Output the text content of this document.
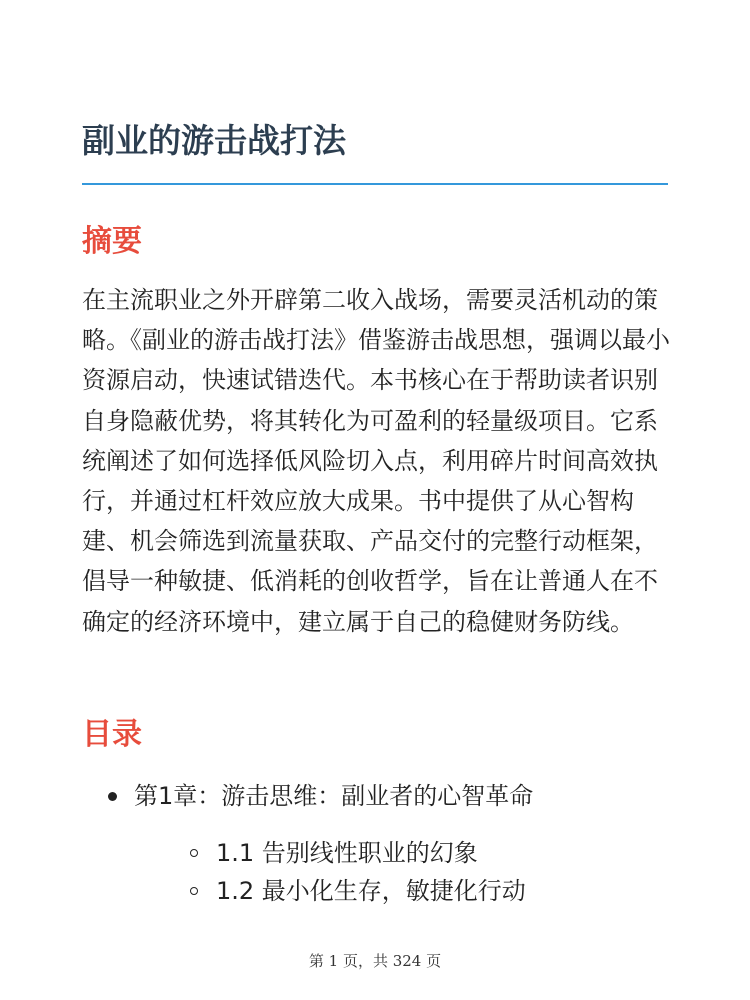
副业的游击战打法
摘要

在主流职业之外开辟第二收入战场，需要灵活机动的策略。《副业的游击战打法》借鉴游击战思想，强调以最小资源启动，快速试错迭代。本书核心在于帮助读者识别自身隐蔽优势，将其转化为可盈利的轻量级项目。它系统阐述了如何选择低风险切入点，利用碎片时间高效执行，并通过杠杆效应放大成果。书中提供了从心智构建、机会筛选到流量获取、产品交付的完整行动框架，倡导一种敏捷、低消耗的创收哲学，旨在让普通人在不确定的经济环境中，建立属于自己的稳健财务防线。

目录
第1章：游击思维：副业者的心智革命
1.1 告别线性职业的幻象
1.2 最小化生存，敏捷化行动
第 1 页，共 324 页
